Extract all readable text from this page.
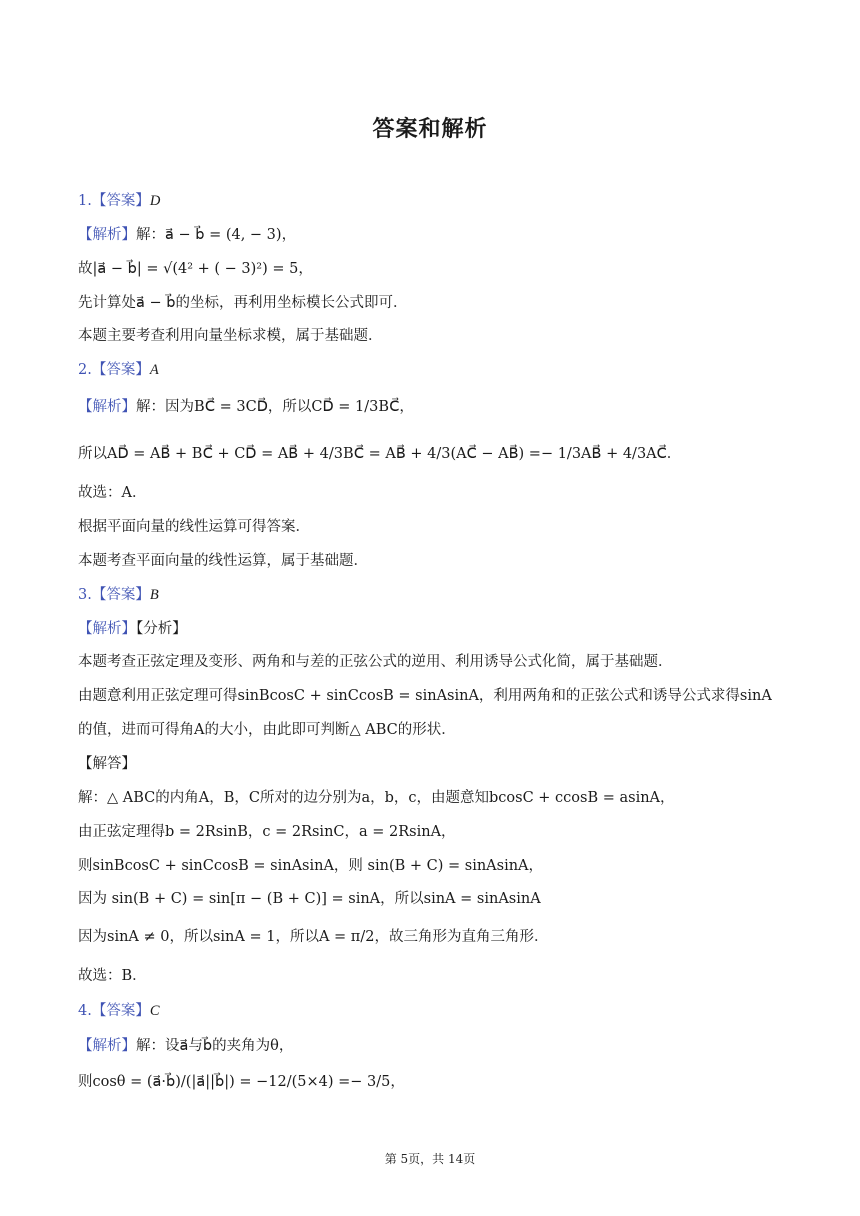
答案和解析
1.【答案】D
【解析】解：a⃗ − b⃗ = (4, − 3)，
故|a⃗ − b⃗| = √(4² + ( − 3)²) = 5，
先计算处a⃗ − b⃗的坐标，再利用坐标模长公式即可．
本题主要考查利用向量坐标求模，属于基础题．
2.【答案】A
【解析】解：因为BC⃗ = 3CD⃗，所以CD⃗ = 1/3BC⃗，
所以AD⃗ = AB⃗ + BC⃗ + CD⃗ = AB⃗ + 4/3BC⃗ = AB⃗ + 4/3(AC⃗ − AB⃗) =− 1/3AB⃗ + 4/3AC⃗．
故选：A．
根据平面向量的线性运算可得答案．
本题考查平面向量的线性运算，属于基础题．
3.【答案】B
【解析】【分析】
本题考查正弦定理及变形、两角和与差的正弦公式的逆用、利用诱导公式化简，属于基础题．
由题意利用正弦定理可得sinBcosC + sinCcosB = sinAsinA，利用两角和的正弦公式和诱导公式求得sinA
的值，进而可得角A的大小，由此即可判断△ ABC的形状．
【解答】
解：△ ABC的内角A，B，C所对的边分别为a，b，c，由题意知bcosC + ccosB = asinA，
由正弦定理得b = 2RsinB，c = 2RsinC，a = 2RsinA，
则sinBcosC + sinCcosB = sinAsinA，则 sin(B + C) = sinAsinA，
因为 sin(B + C) = sin[π − (B + C)] = sinA，所以sinA = sinAsinA
因为sinA ≠ 0，所以sinA = 1，所以A = π/2，故三角形为直角三角形．
故选：B．
4.【答案】C
【解析】解：设a⃗与b⃗的夹角为θ，
则cosθ = (a⃗·b⃗)/(|a⃗||b⃗|) = −12/(5×4) =− 3/5，
第 5页，共 14页
